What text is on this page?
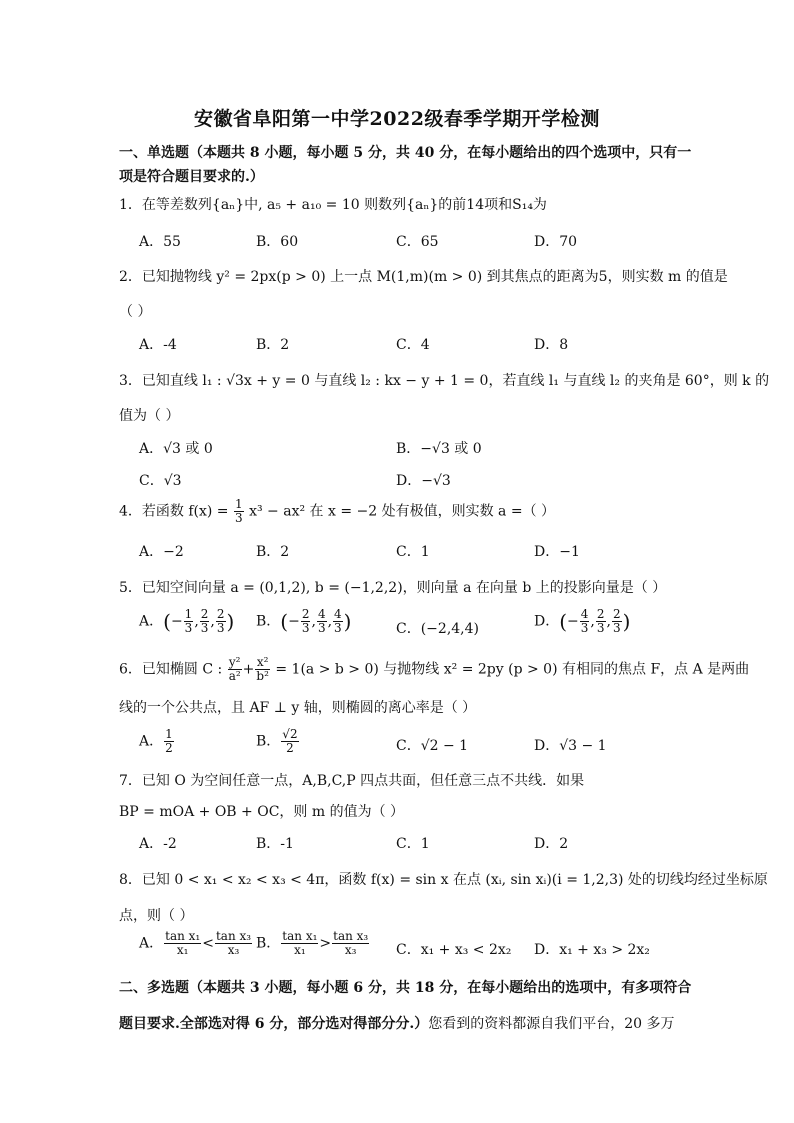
安徽省阜阳第一中学2022级春季学期开学检测
一、单选题（本题共 8 小题，每小题 5 分，共 40 分，在每小题给出的四个选项中，只有一
项是符合题目要求的.）
1．在等差数列{aₙ}中, a₅ + a₁₀ = 10 则数列{aₙ}的前14项和S₁₄为
A．55	B．60	C．65	D．70
2．已知抛物线 y² = 2px(p > 0) 上一点 M(1,m)(m > 0) 到其焦点的距离为5，则实数 m 的值是
（ ）
A．-4	B．2	C．4	D．8
3．已知直线 l₁ : √3x + y = 0 与直线 l₂ : kx − y + 1 = 0，若直线 l₁ 与直线 l₂ 的夹角是 60°，则 k 的
值为（ ）
A．√3 或 0	B．−√3 或 0
C．√3	D．−√3
4．若函数 $f(x) = \frac{1}{3} x^3 - ax^2$ 在 x = −2 处有极值，则实数 a =（ ）
A．−2	B．2	C．1	D．−1
5．已知空间向量 a = (0,1,2), b = (−1,2,2)，则向量 a 在向量 b 上的投影向量是（ ）
A．(− $\frac{1}{3}$ , $\frac{2}{3}$ , $\frac{2}{3}$ ) B．(− $\frac{2}{3}$ , $\frac{4}{3}$ , $\frac{4}{3}$ )	C．(−2,4,4)	D．(− $\frac{4}{3}$ , $\frac{2}{3}$ , $\frac{2}{3}$ )
6．已知椭圆 C : $\frac{\text{y²}}{\text{a²}} + \frac{\text{x²}}{\text{b²}} = 1(a > b > 0)$ 与抛物线 x² = 2py (p > 0) 有相同的焦点 F，点 A 是两曲
线的一个公共点，且 AF ⊥ y 轴，则椭圆的离心率是（ ）
A． $\frac{1}{2}$	B． $\frac{√2}{2}$	C．√2 − 1	D．√3 − 1
7．已知 O 为空间任意一点，A,B,C,P 四点共面，但任意三点不共线．如果
BP = mOA + OB + OC，则 m 的值为（ ）
A．-2	B．-1	C．1	D．2
8．已知 0 < x₁ < x₂ < x₃ < 4π，函数 f(x) = sin x 在点 (xᵢ, sin xᵢ)(i = 1,2,3) 处的切线均经过坐标原
点，则（ ）
A． $\frac{\text{tan x₁}}{\text{x₁}} < \frac{\text{tan x₃}}{\text{x₃}}$ B． $\frac{\text{tan x₁}}{\text{x₁}} > \frac{\text{tan x₃}}{\text{x₃}}$ C．x₁ + x₃ < 2x₂ D．x₁ + x₃ > 2x₂
二、多选题（本题共 3 小题，每小题 6 分，共 18 分，在每小题给出的选项中，有多项符合
题目要求.全部选对得 6 分，部分选对得部分分.）您看到的资料都源自我们平台，20 多万
